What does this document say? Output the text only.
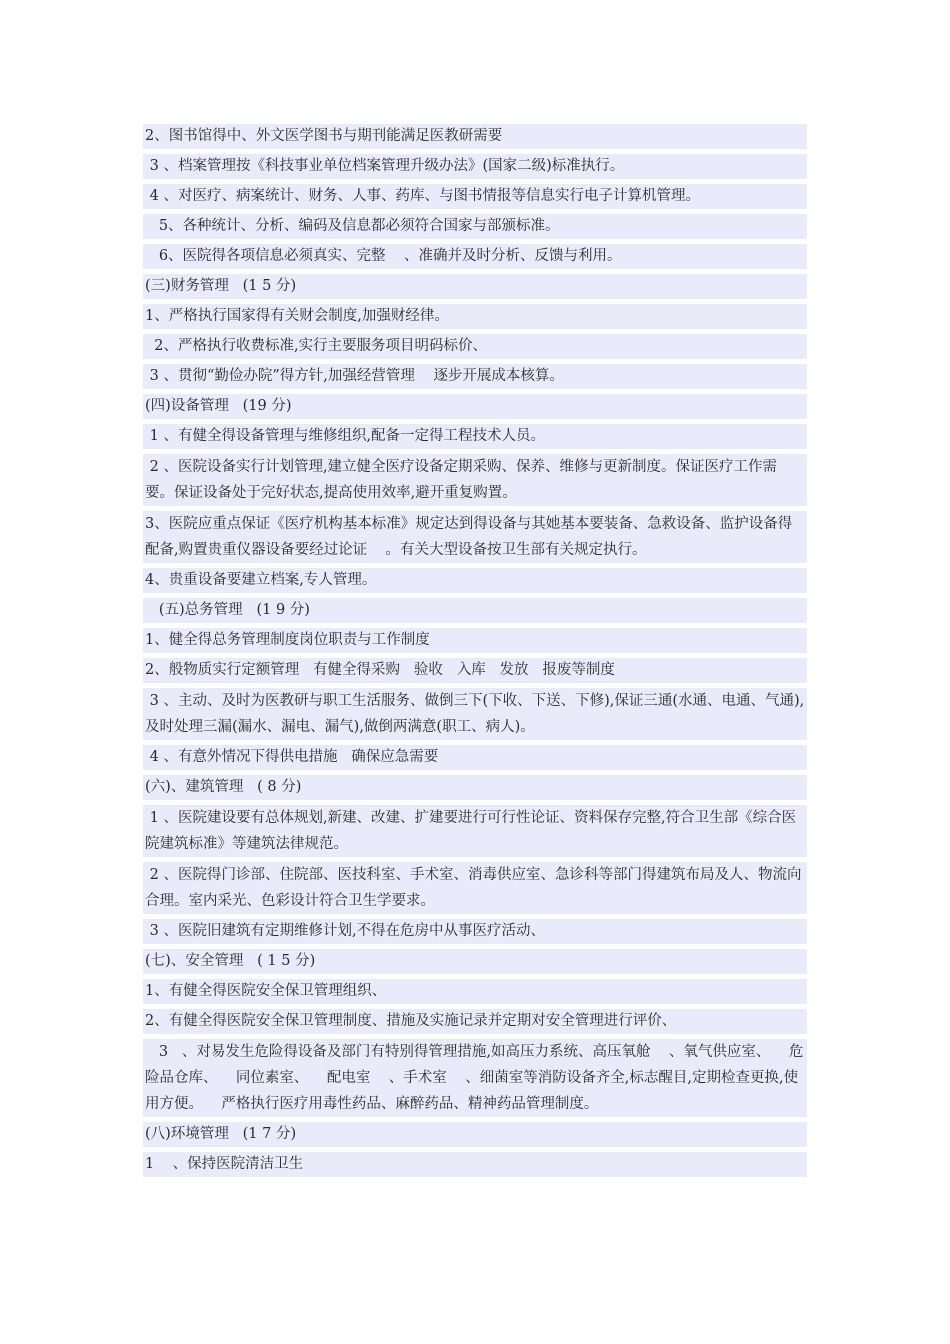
2、图书馆得中、外文医学图书与期刊能满足医教研需要
3 、档案管理按《科技事业单位档案管理升级办法》(国家二级)标准执行。
4 、对医疗、病案统计、财务、人事、药库、与图书情报等信息实行电子计算机管理。
5、各种统计、分析、编码及信息都必须符合国家与部颁标准。
6、医院得各项信息必须真实、完整    、准确并及时分析、反馈与利用。
(三)财务管理   (1 5 分)
1、严格执行国家得有关财会制度,加强财经律。
2、严格执行收费标准,实行主要服务项目明码标价、
3 、贯彻“勤俭办院”得方针,加强经营管理    逐步开展成本核算。
(四)设备管理   (19 分)
1 、有健全得设备管理与维修组织,配备一定得工程技术人员。
2 、医院设备实行计划管理,建立健全医疗设备定期采购、保养、维修与更新制度。保证医疗工作需要。保证设备处于完好状态,提高使用效率,避开重复购置。
3、医院应重点保证《医疗机构基本标准》规定达到得设备与其她基本要装备、急救设备、监护设备得配备,购置贵重仪器设备要经过论证    。有关大型设备按卫生部有关规定执行。
4、贵重设备要建立档案,专人管理。
(五)总务管理   (1 9 分)
1、健全得总务管理制度岗位职责与工作制度
2、般物质实行定额管理   有健全得采购   验收   入库   发放   报废等制度
3 、主动、及时为医教研与职工生活服务、做倒三下(下收、下送、下修),保证三通(水通、电通、气通),及时处理三漏(漏水、漏电、漏气),做倒两满意(职工、病人)。
4 、有意外情况下得供电措施   确保应急需要
(六)、建筑管理   ( 8 分)
1 、医院建设要有总体规划,新建、改建、扩建要进行可行性论证、资料保存完整,符合卫生部《综合医院建筑标准》等建筑法律规范。
2 、医院得门诊部、住院部、医技科室、手术室、消毒供应室、急诊科等部门得建筑布局及人、物流向合理。室内采光、色彩设计符合卫生学要求。
3 、医院旧建筑有定期维修计划,不得在危房中从事医疗活动、
(七)、安全管理   ( 1 5 分)
1、有健全得医院安全保卫管理组织、
2、有健全得医院安全保卫管理制度、措施及实施记录并定期对安全管理进行评价、
3   、对易发生危险得设备及部门有特别得管理措施,如高压力系统、高压氧舱    、氧气供应室、    危险品仓库、    同位素室、    配电室    、手术室    、细菌室等消防设备齐全,标志醒目,定期检查更换,使用方便。    严格执行医疗用毒性药品、麻醉药品、精神药品管理制度。
(八)环境管理   (1 7 分)
1    、保持医院清洁卫生
